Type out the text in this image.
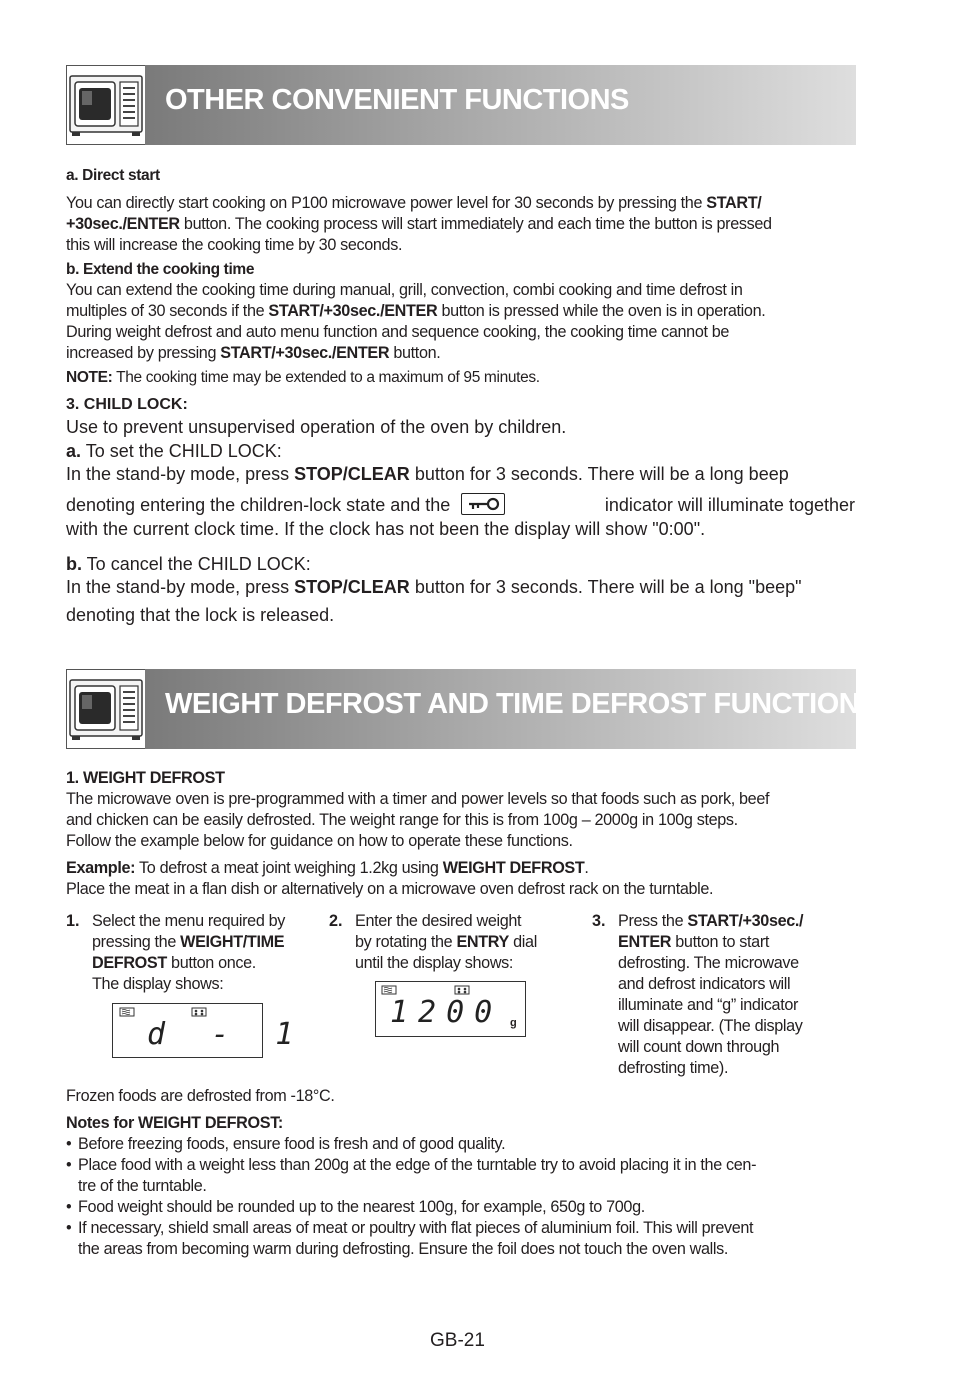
OTHER CONVENIENT FUNCTIONS
a. Direct start
You can directly start cooking on P100 microwave power level for 30 seconds by pressing the START/
+30sec./ENTER button. The cooking process will start immediately and each time the button is pressed
this will increase the cooking time by 30 seconds.
b. Extend the cooking time
You can extend the cooking time during manual, grill, convection, combi cooking and time defrost in
multiples of 30 seconds if the START/+30sec./ENTER button is pressed while the oven is in operation.
During weight defrost and auto menu function and sequence cooking, the cooking time cannot be
increased by pressing START/+30sec./ENTER button.
NOTE: The cooking time may be extended to a maximum of 95 minutes.
3. CHILD LOCK:
Use to prevent unsupervised operation of the oven by children.
a. To set the CHILD LOCK:
In the stand-by mode, press STOP/CLEAR button for 3 seconds. There will be a long beep
denoting entering the children-lock state and the	indicator will illuminate together
with the current clock time. If the clock has not been the display will show "0:00".
b. To cancel the CHILD LOCK:
In the stand-by mode, press STOP/CLEAR button for 3 seconds. There will be a long "beep"
denoting that the lock is released.
WEIGHT DEFROST AND TIME DEFROST FUNCTION
1. WEIGHT DEFROST
The microwave oven is pre-programmed with a timer and power levels so that foods such as pork, beef
and chicken can be easily defrosted. The weight range for this is from 100g – 2000g in 100g steps.
Follow the example below for guidance on how to operate these functions.
Example: To defrost a meat joint weighing 1.2kg using WEIGHT DEFROST.
Place the meat in a flan dish or alternatively on a microwave oven defrost rack on the turntable.
1. Select the menu required by
pressing the WEIGHT/TIME
DEFROST button once.
The display shows:
d - 1
2. Enter the desired weight
by rotating the ENTRY dial
until the display shows:
1200 g
3. Press the START/+30sec./
ENTER button to start
defrosting. The microwave
and defrost indicators will
illuminate and “g” indicator
will disappear. (The display
will count down through
defrosting time).
Frozen foods are defrosted from -18°C.
Notes for WEIGHT DEFROST:
• Before freezing foods, ensure food is fresh and of good quality.
• Place food with a weight less than 200g at the edge of the turntable try to avoid placing it in the cen-
tre of the turntable.
• Food weight should be rounded up to the nearest 100g, for example, 650g to 700g.
• If necessary, shield small areas of meat or poultry with flat pieces of aluminium foil. This will prevent
the areas from becoming warm during defrosting. Ensure the foil does not touch the oven walls.
GB-21
